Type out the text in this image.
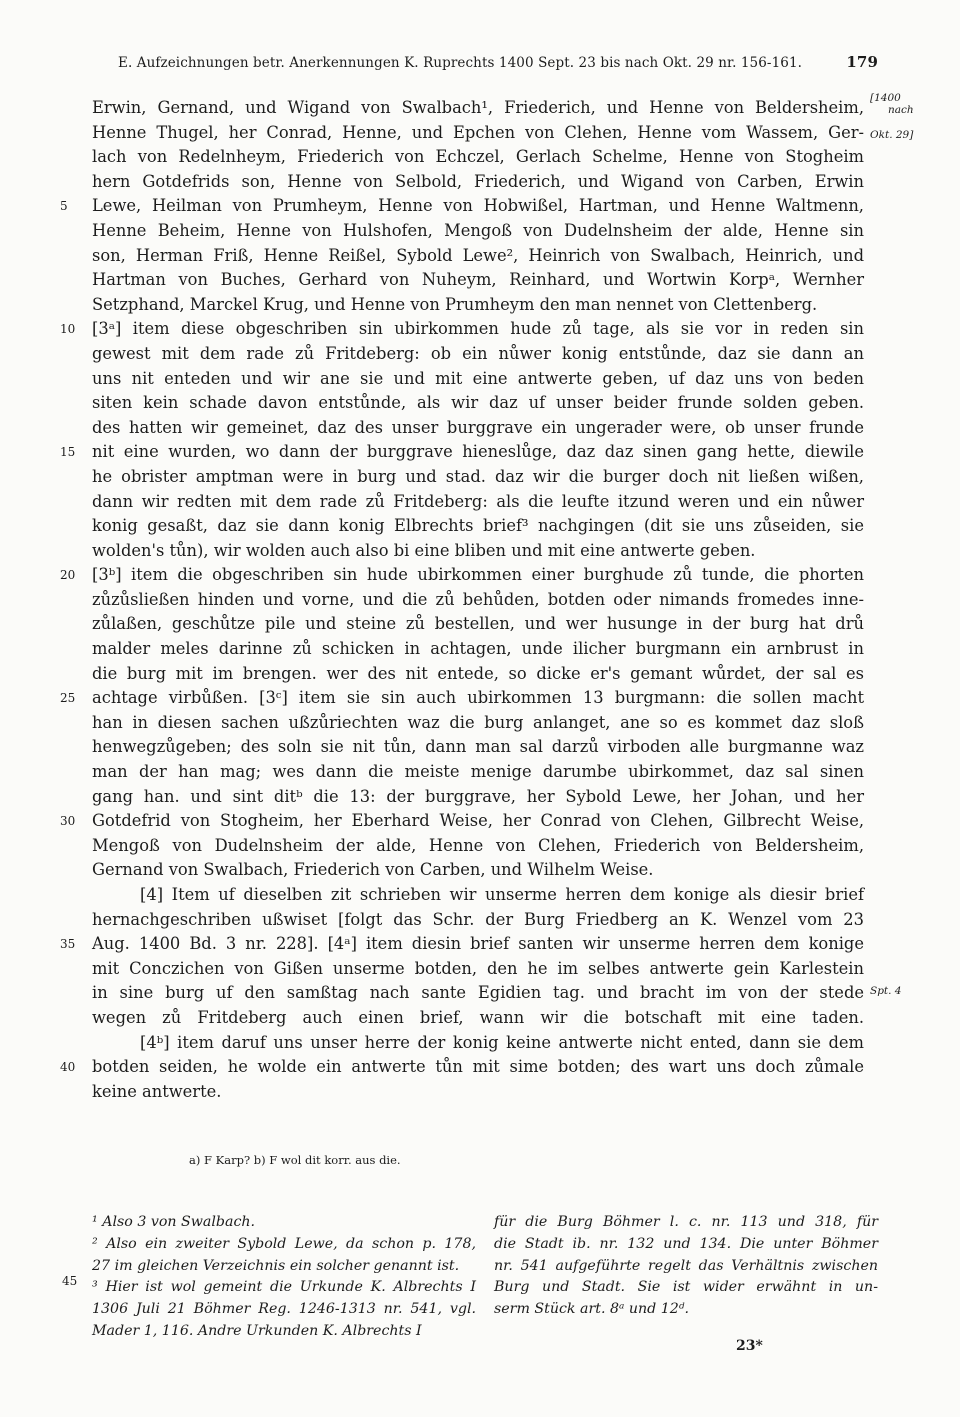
E. Aufzeichnungen betr. Anerkennungen K. Ruprechts 1400 Sept. 23 bis nach Okt. 29 nr. 156-161.	179
Erwin, Gernand, und Wigand von Swalbach¹, Friederich, und Henne von Beldersheim, [1400
nach
Henne Thugel, her Conrad, Henne, und Epchen von Clehen, Henne vom Wassem, Ger- Okt. 29]
lach von Redelnheym, Friederich von Echczel, Gerlach Schelme, Henne von Stogheim
hern Gotdefrids son, Henne von Selbold, Friederich, und Wigand von Carben, Erwin
Lewe, Heilman von Prumheym, Henne von Hobwißel, Hartman, und Henne Waltmenn,
5
Henne Beheim, Henne von Hulshofen, Mengoß von Dudelnsheim der alde, Henne sin
son, Herman Friß, Henne Reißel, Sybold Lewe², Heinrich von Swalbach, Heinrich, und
Hartman von Buches, Gerhard von Nuheym, Reinhard, und Wortwin Korpᵃ, Wernher
Setzphand, Marckel Krug, und Henne von Prumheym den man nennet von Clettenberg.
[3ᵃ] item diese obgeschriben sin ubirkommen hude zů tage, als sie vor in reden sin
10
gewest mit dem rade zů Fritdeberg: ob ein nůwer konig entstůnde, daz sie dann an
uns nit enteden und wir ane sie und mit eine antwerte geben, uf daz uns von beden
siten kein schade davon entstůnde, als wir daz uf unser beider frunde solden geben.
des hatten wir gemeinet, daz des unser burggrave ein ungerader were, ob unser frunde
nit eine wurden, wo dann der burggrave hieneslůge, daz daz sinen gang hette, diewile
15
he obrister amptman were in burg und stad. daz wir die burger doch nit ließen wißen,
dann wir redten mit dem rade zů Fritdeberg: als die leufte itzund weren und ein nůwer
konig gesaßt, daz sie dann konig Elbrechts brief³ nachgingen (dit sie uns zůseiden, sie
wolden's tůn), wir wolden auch also bi eine bliben und mit eine antwerte geben.
[3ᵇ] item die obgeschriben sin hude ubirkommen einer burghude zů tunde, die phorten
20
zůzůsließen hinden und vorne, und die zů behůden, botden oder nimands fromedes inne-
zůlaßen, geschůtze pile und steine zů bestellen, und wer husunge in der burg hat drů
malder meles darinne zů schicken in achtagen, unde ilicher burgmann ein arnbrust in
die burg mit im brengen. wer des nit entede, so dicke er's gemant wůrdet, der sal es
achtage virbůßen. [3ᶜ] item sie sin auch ubirkommen 13 burgmann: die sollen macht
25
han in diesen sachen ußzůriechten waz die burg anlanget, ane so es kommet daz sloß
henwegzůgeben; des soln sie nit tůn, dann man sal darzů virboden alle burgmanne waz
man der han mag; wes dann die meiste menige darumbe ubirkommet, daz sal sinen
gang han. und sint ditᵇ die 13: der burggrave, her Sybold Lewe, her Johan, und her
Gotdefrid von Stogheim, her Eberhard Weise, her Conrad von Clehen, Gilbrecht Weise,
30
Mengoß von Dudelnsheim der alde, Henne von Clehen, Friederich von Beldersheim,
Gernand von Swalbach, Friederich von Carben, und Wilhelm Weise.
[4] Item uf dieselben zit schrieben wir unserme herren dem konige als diesir brief
hernachgeschriben ußwiset [folgt das Schr. der Burg Friedberg an K. Wenzel vom 23
Aug. 1400 Bd. 3 nr. 228]. [4ᵃ] item diesin brief santen wir unserme herren dem konige
35
mit Conczichen von Gißen unserme botden, den he im selbes antwerte gein Karlestein
in sine burg uf den samßtag nach sante Egidien tag. und bracht im von der stede Spt. 4
wegen zů Fritdeberg auch einen brief, wann wir die botschaft mit eine taden.
[4ᵇ] item daruf uns unser herre der konig keine antwerte nicht ented, dann sie dem
botden seiden, he wolde ein antwerte tůn mit sime botden; des wart uns doch zůmale
40
keine antwerte.
a) F Karp? b) F wol dit korr. aus die.
45
¹ Also 3 von Swalbach.
² Also ein zweiter Sybold Lewe, da schon p. 178,
27 im gleichen Verzeichnis ein solcher genannt ist.
³ Hier ist wol gemeint die Urkunde K. Albrechts I
1306 Juli 21 Böhmer Reg. 1246-1313 nr. 541, vgl.
Mader 1, 116. Andre Urkunden K. Albrechts I
für die Burg Böhmer l. c. nr. 113 und 318, für
die Stadt ib. nr. 132 und 134. Die unter Böhmer
nr. 541 aufgeführte regelt das Verhältnis zwischen
Burg und Stadt. Sie ist wider erwähnt in un-
serm Stück art. 8ᵃ und 12ᵈ.
23*
